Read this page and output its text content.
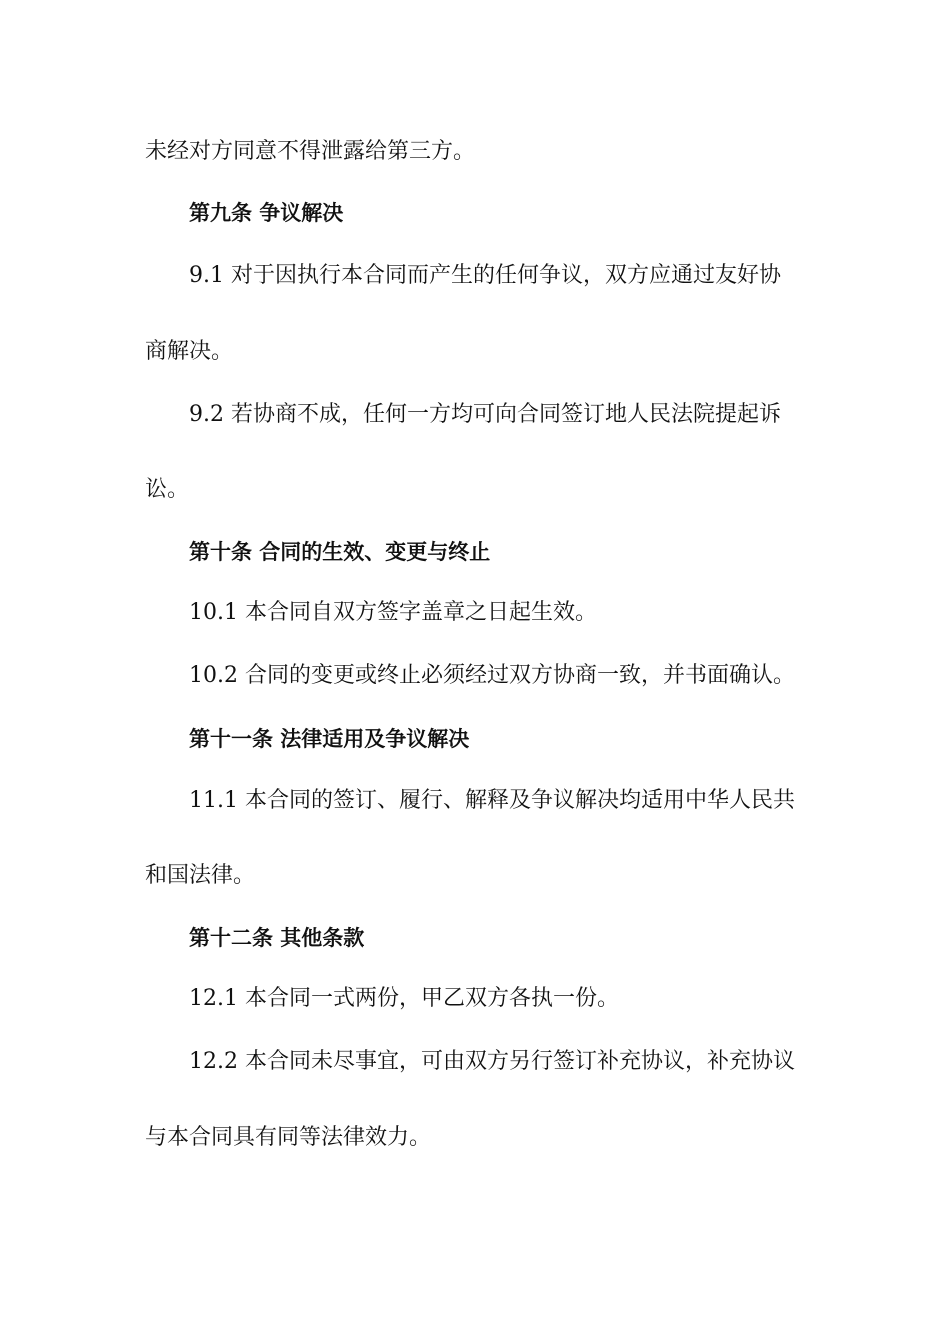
未经对方同意不得泄露给第三方。
第九条 争议解决
9.1 对于因执行本合同而产生的任何争议，双方应通过友好协
商解决。
9.2 若协商不成，任何一方均可向合同签订地人民法院提起诉
讼。
第十条 合同的生效、变更与终止
10.1 本合同自双方签字盖章之日起生效。
10.2 合同的变更或终止必须经过双方协商一致，并书面确认。
第十一条 法律适用及争议解决
11.1 本合同的签订、履行、解释及争议解决均适用中华人民共
和国法律。
第十二条 其他条款
12.1 本合同一式两份，甲乙双方各执一份。
12.2 本合同未尽事宜，可由双方另行签订补充协议，补充协议
与本合同具有同等法律效力。
